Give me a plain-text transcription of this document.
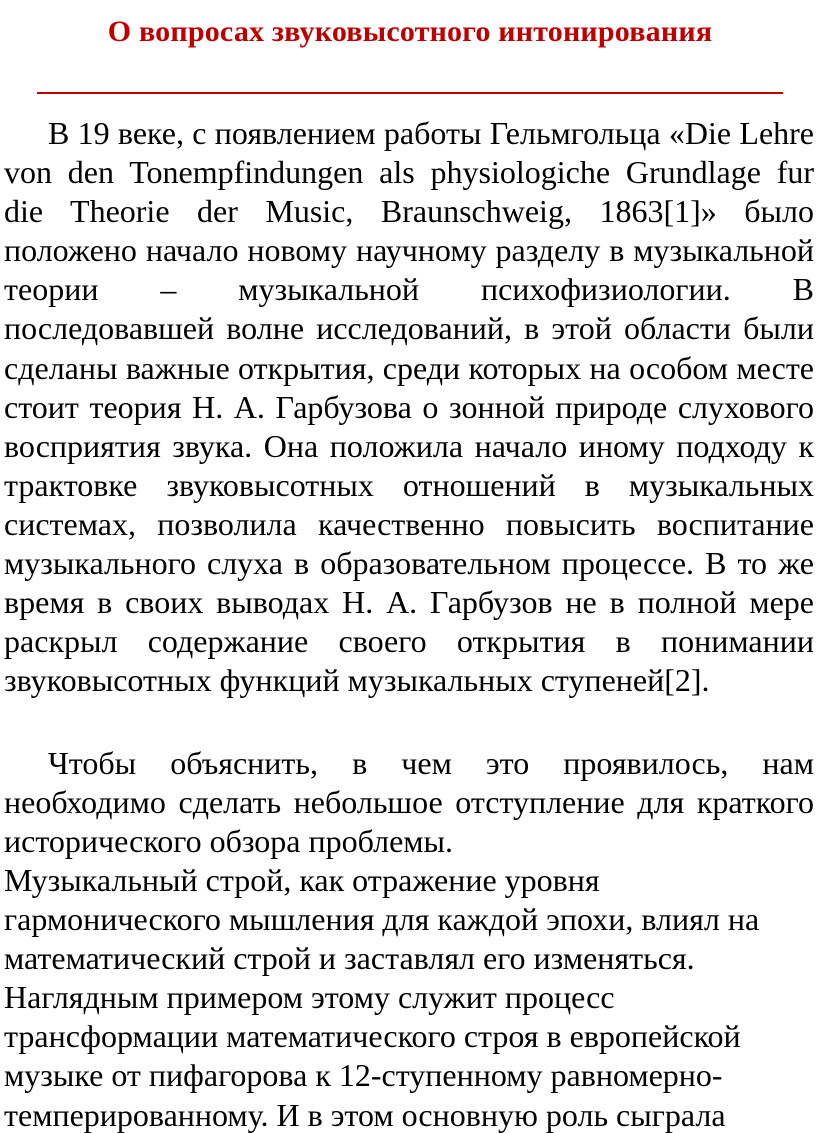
О вопросах звуковысотного интонирования

В 19 веке, с появлением работы Гельмгольца «Die Lehre von den Tonempfindungen als physiologiche Grundlage fur die Theorie der Music, Braunschweig, 1863[1]» было положено начало новому научному разделу в музыкальной теории – музыкальной психофизиологии. В последовавшей волне исследований, в этой области были сделаны важные открытия, среди которых на особом месте стоит теория Н. А. Гарбузова о зонной природе слухового восприятия звука. Она положила начало иному подходу к трактовке звуковысотных отношений в музыкальных системах, позволила качественно повысить воспитание музыкального слуха в образовательном процессе. В то же время в своих выводах Н. А. Гарбузов не в полной мере раскрыл содержание своего открытия в понимании звуковысотных функций музыкальных ступеней[2].

Чтобы объяснить, в чем это проявилось, нам необходимо сделать небольшое отступление для краткого исторического обзора проблемы.

Музыкальный строй, как отражение уровня
гармонического мышления для каждой эпохи, влиял на
математический строй и заставлял его изменяться.
Наглядным примером этому служит процесс
трансформации математического строя в европейской
музыке от пифагорова к 12-ступенному равномерно-
темперированному. И в этом основную роль сыграла
